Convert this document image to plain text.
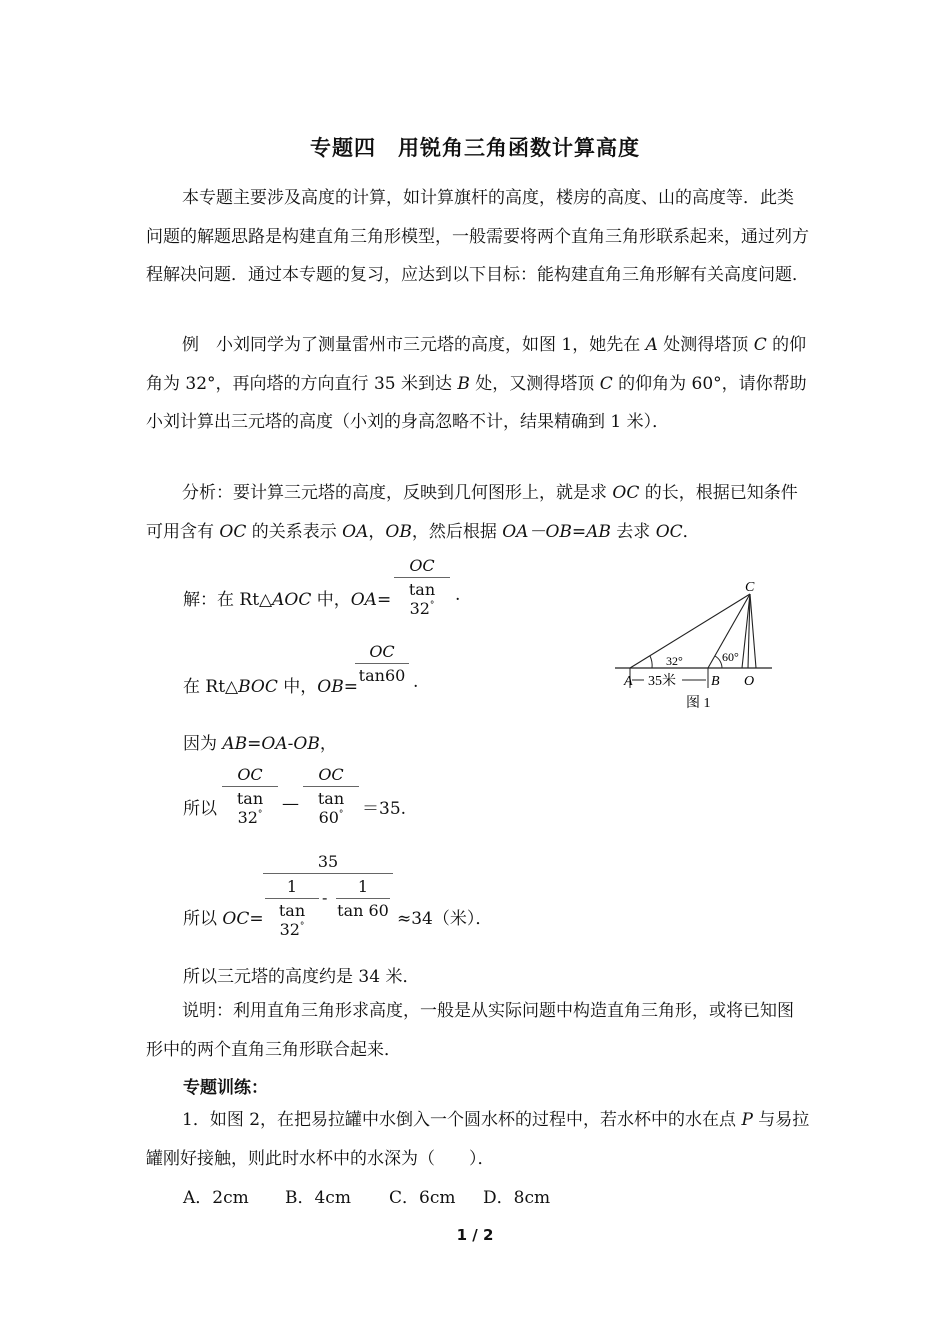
专题四　用锐角三角函数计算高度

本专题主要涉及高度的计算，如计算旗杆的高度，楼房的高度、山的高度等．此类问题的解题思路是构建直角三角形模型，一般需要将两个直角三角形联系起来，通过列方程解决问题．通过本专题的复习，应达到以下目标：能构建直角三角形解有关高度问题．

例　小刘同学为了测量雷州市三元塔的高度，如图 1，她先在 A 处测得塔顶 C 的仰角为 32°，再向塔的方向直行 35 米到达 B 处，又测得塔顶 C 的仰角为 60°，请你帮助小刘计算出三元塔的高度（小刘的身高忽略不计，结果精确到 1 米）．

分析：要计算三元塔的高度，反映到几何图形上，就是求 OC 的长，根据已知条件可用含有 OC 的关系表示 OA，OB，然后根据 OA－OB=AB 去求 OC．

解：在 Rt△AOC 中，$OA= \frac{OC}{\tan 32^\circ}$ .
在 Rt△BOC 中，OB=
$\frac{OC}{\tan 60}$ .
C
32°	60°
A 35米	B O
图 1
因为 AB=OA-OB，
所以 $\frac{OC}{\tan 32^\circ}$ — $\frac{OC}{\tan 60^\circ} =35$.
所以 OC=
35
$\frac{1}{\tan 32^\circ} - \frac{1}{\tan 60} \approx 34$（米）．
所以三元塔的高度约是 34 米．

说明：利用直角三角形求高度，一般是从实际问题中构造直角三角形，或将已知图形中的两个直角三角形联合起来．

专题训练：

1．如图 2，在把易拉罐中水倒入一个圆水杯的过程中，若水杯中的水在点 P 与易拉罐刚好接触，则此时水杯中的水深为（　　）．

A．2cm B．4cm C．6cm D．8cm
1 / 2
